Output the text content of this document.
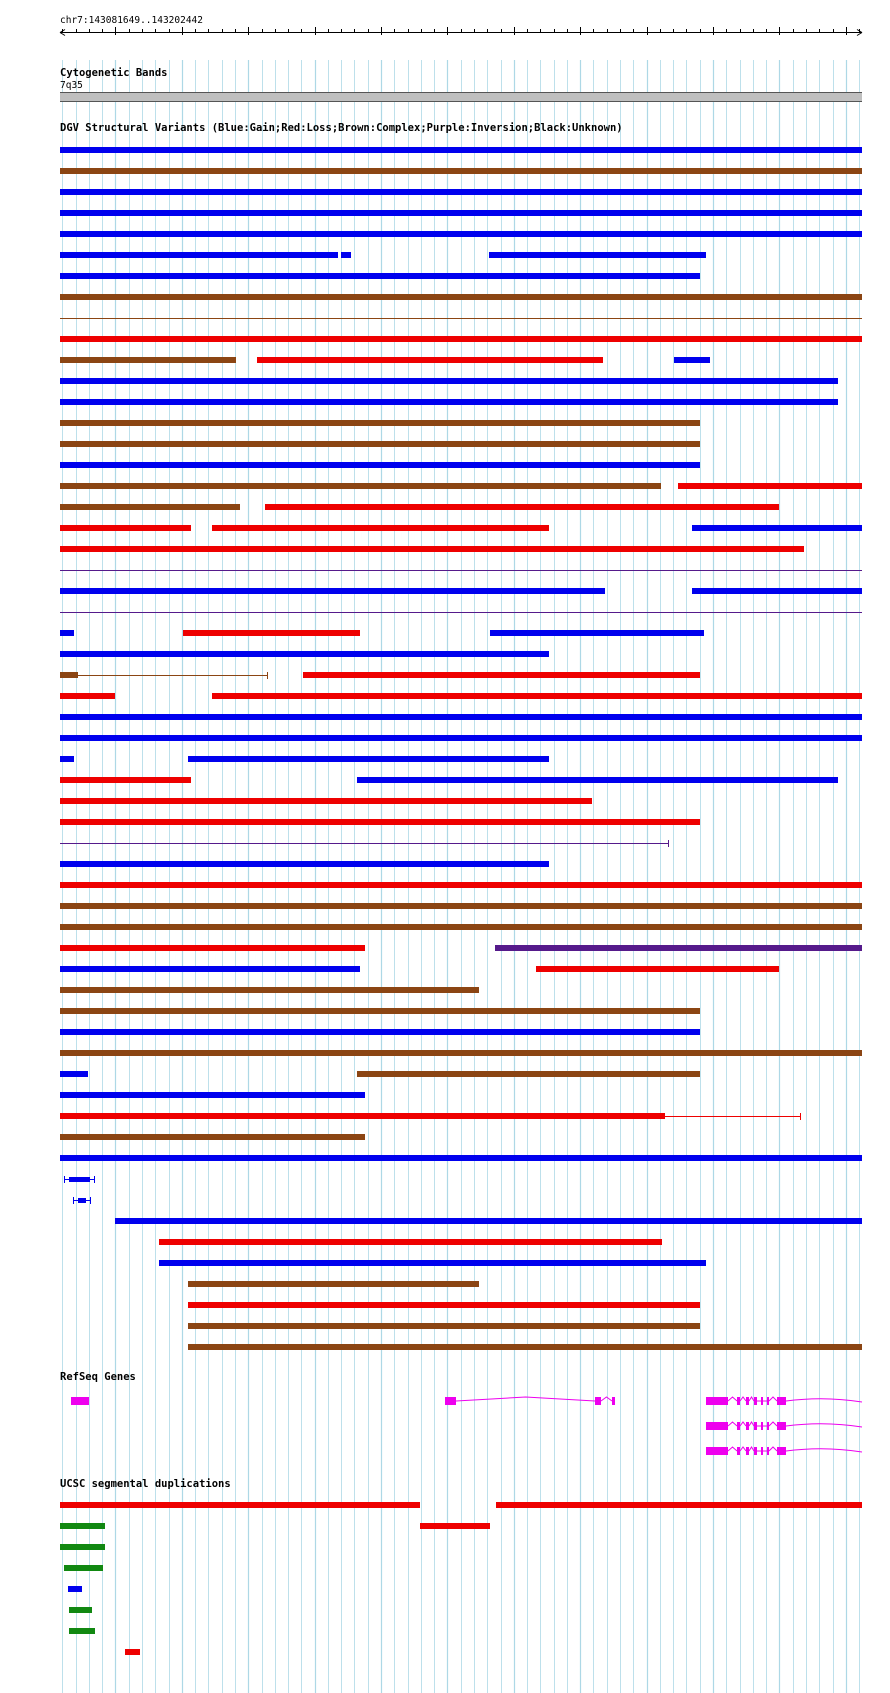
chr7:143081649..143202442
Cytogenetic Bands
7q35
DGV Structural Variants (Blue:Gain;Red:Loss;Brown:Complex;Purple:Inversion;Black:Unknown)
RefSeq Genes
UCSC segmental duplications
